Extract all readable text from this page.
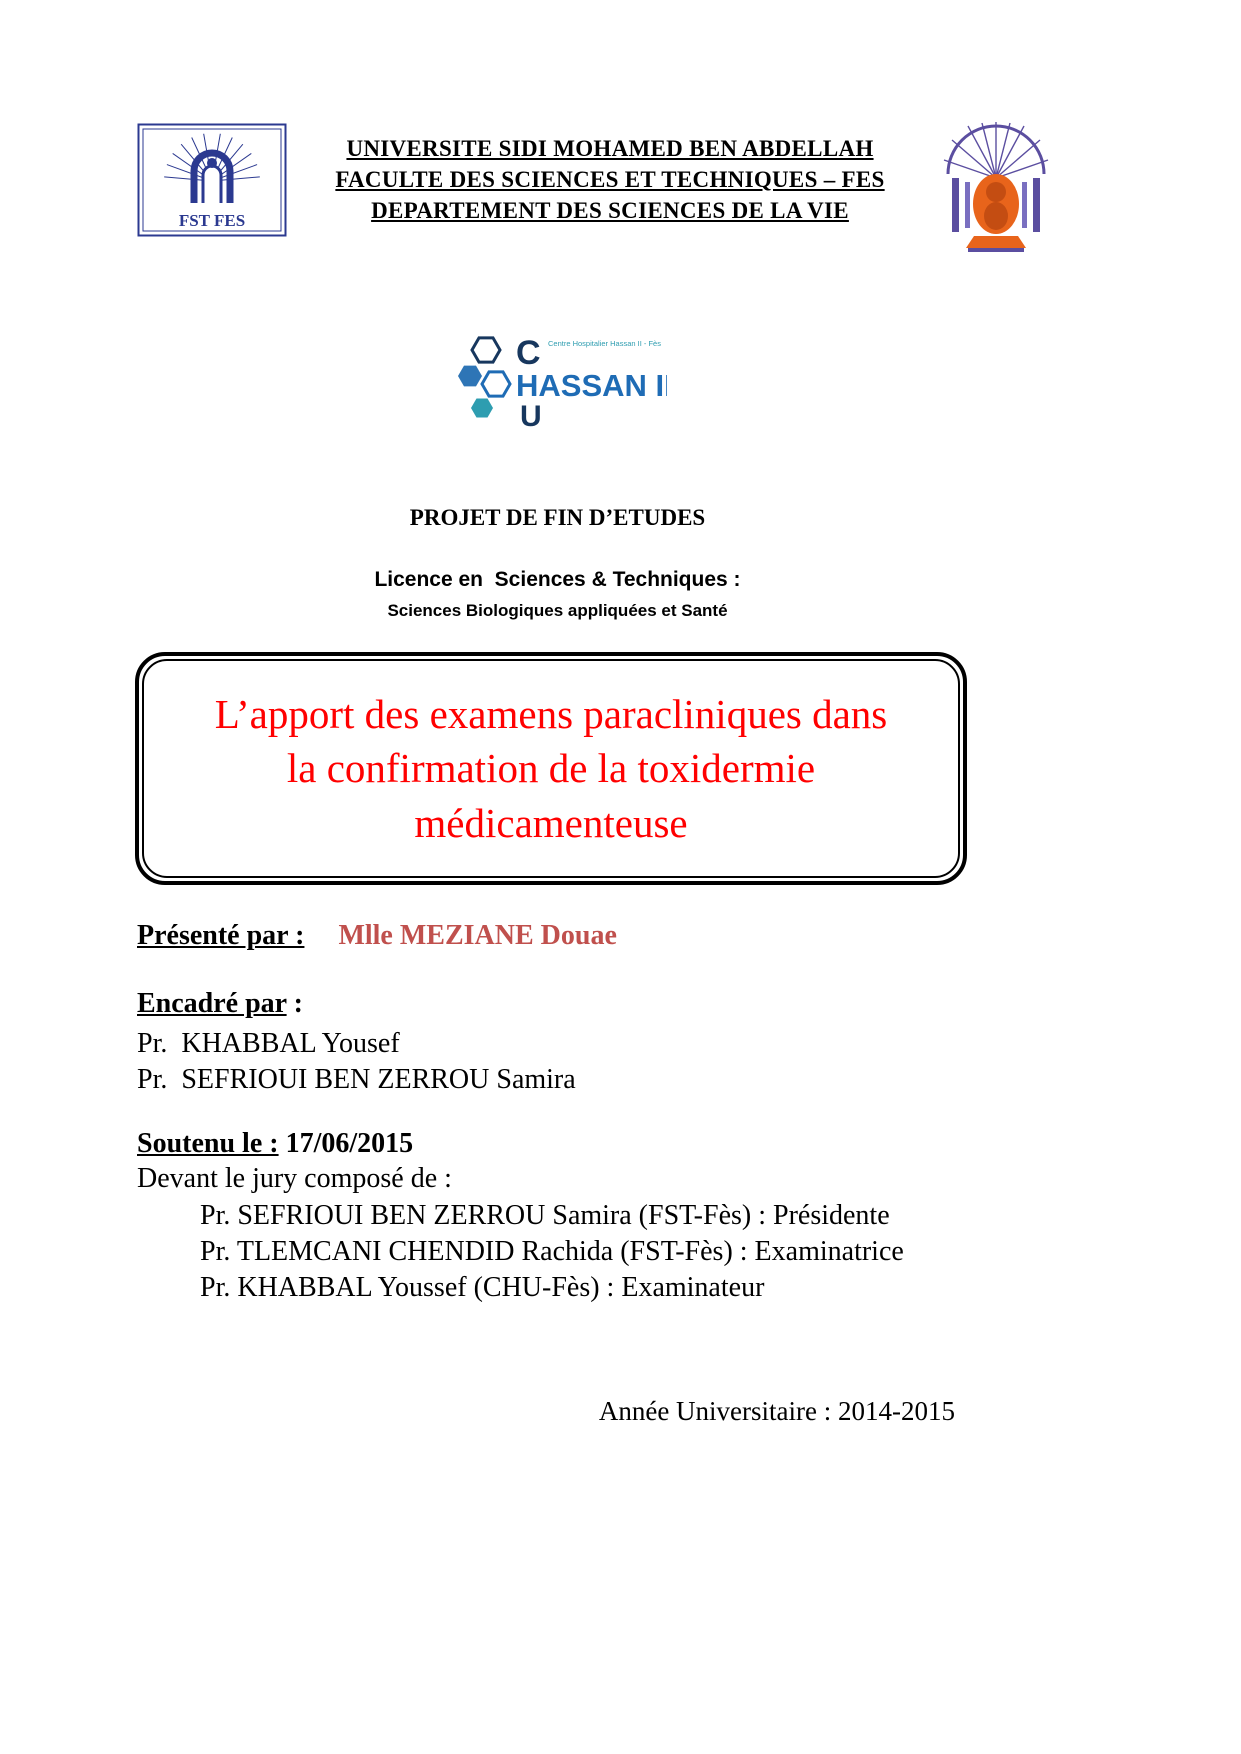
FST FES
UNIVERSITE SIDI MOHAMED BEN ABDELLAH
FACULTE DES SCIENCES ET TECHNIQUES – FES
DEPARTEMENT DES SCIENCES DE LA VIE
C Centre Hospitalier Hassan II - Fès
HASSAN II
U
PROJET DE FIN D’ETUDES
Licence en  Sciences & Techniques :
Sciences Biologiques appliquées et Santé
L’apport des examens paracliniques dans
la confirmation de la toxidermie
médicamenteuse
Présenté par : Mlle MEZIANE Douae
Encadré par :
Pr.  KHABBAL Yousef
Pr.  SEFRIOUI BEN ZERROU Samira
Soutenu le : 17/06/2015
Devant le jury composé de :
Pr. SEFRIOUI BEN ZERROU Samira (FST-Fès) : Présidente
Pr. TLEMCANI CHENDID Rachida (FST-Fès) : Examinatrice
Pr. KHABBAL Youssef (CHU-Fès) : Examinateur
Année Universitaire : 2014-2015
